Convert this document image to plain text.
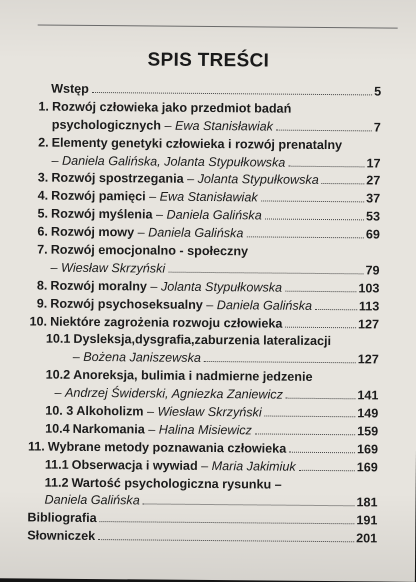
SPIS TREŚCI
Wstęp	5
1. Rozwój człowieka jako przedmiot badań
psychologicznych – Ewa Stanisławiak	7
2. Elementy genetyki człowieka i rozwój prenatalny
– Daniela Galińska, Jolanta Stypułkowska	17
3. Rozwój spostrzegania – Jolanta Stypułkowska	27
4. Rozwój pamięci – Ewa Stanisławiak	37
5. Rozwój myślenia – Daniela Galińska	53
6. Rozwój mowy – Daniela Galińska	69
7. Rozwój emocjonalno - społeczny
– Wiesław Skrzyński	79
8. Rozwój moralny – Jolanta Stypułkowska	103
9. Rozwój psychoseksualny – Daniela Galińska	113
10. Niektóre zagrożenia rozwoju człowieka	127
10.1 Dysleksja,dysgrafia,zaburzenia lateralizacji
– Bożena Janiszewska	127
10.2 Anoreksja, bulimia i nadmierne jedzenie
– Andrzej Świderski, Agniezka Zaniewicz	141
10. 3 Alkoholizm – Wiesław Skrzyński	149
10.4 Narkomania – Halina Misiewicz	159
11. Wybrane metody poznawania człowieka	169
11.1 Obserwacja i wywiad – Maria Jakimiuk	169
11.2 Wartość psychologiczna rysunku –
Daniela Galińska	181
Bibliografia	191
Słowniczek	201
